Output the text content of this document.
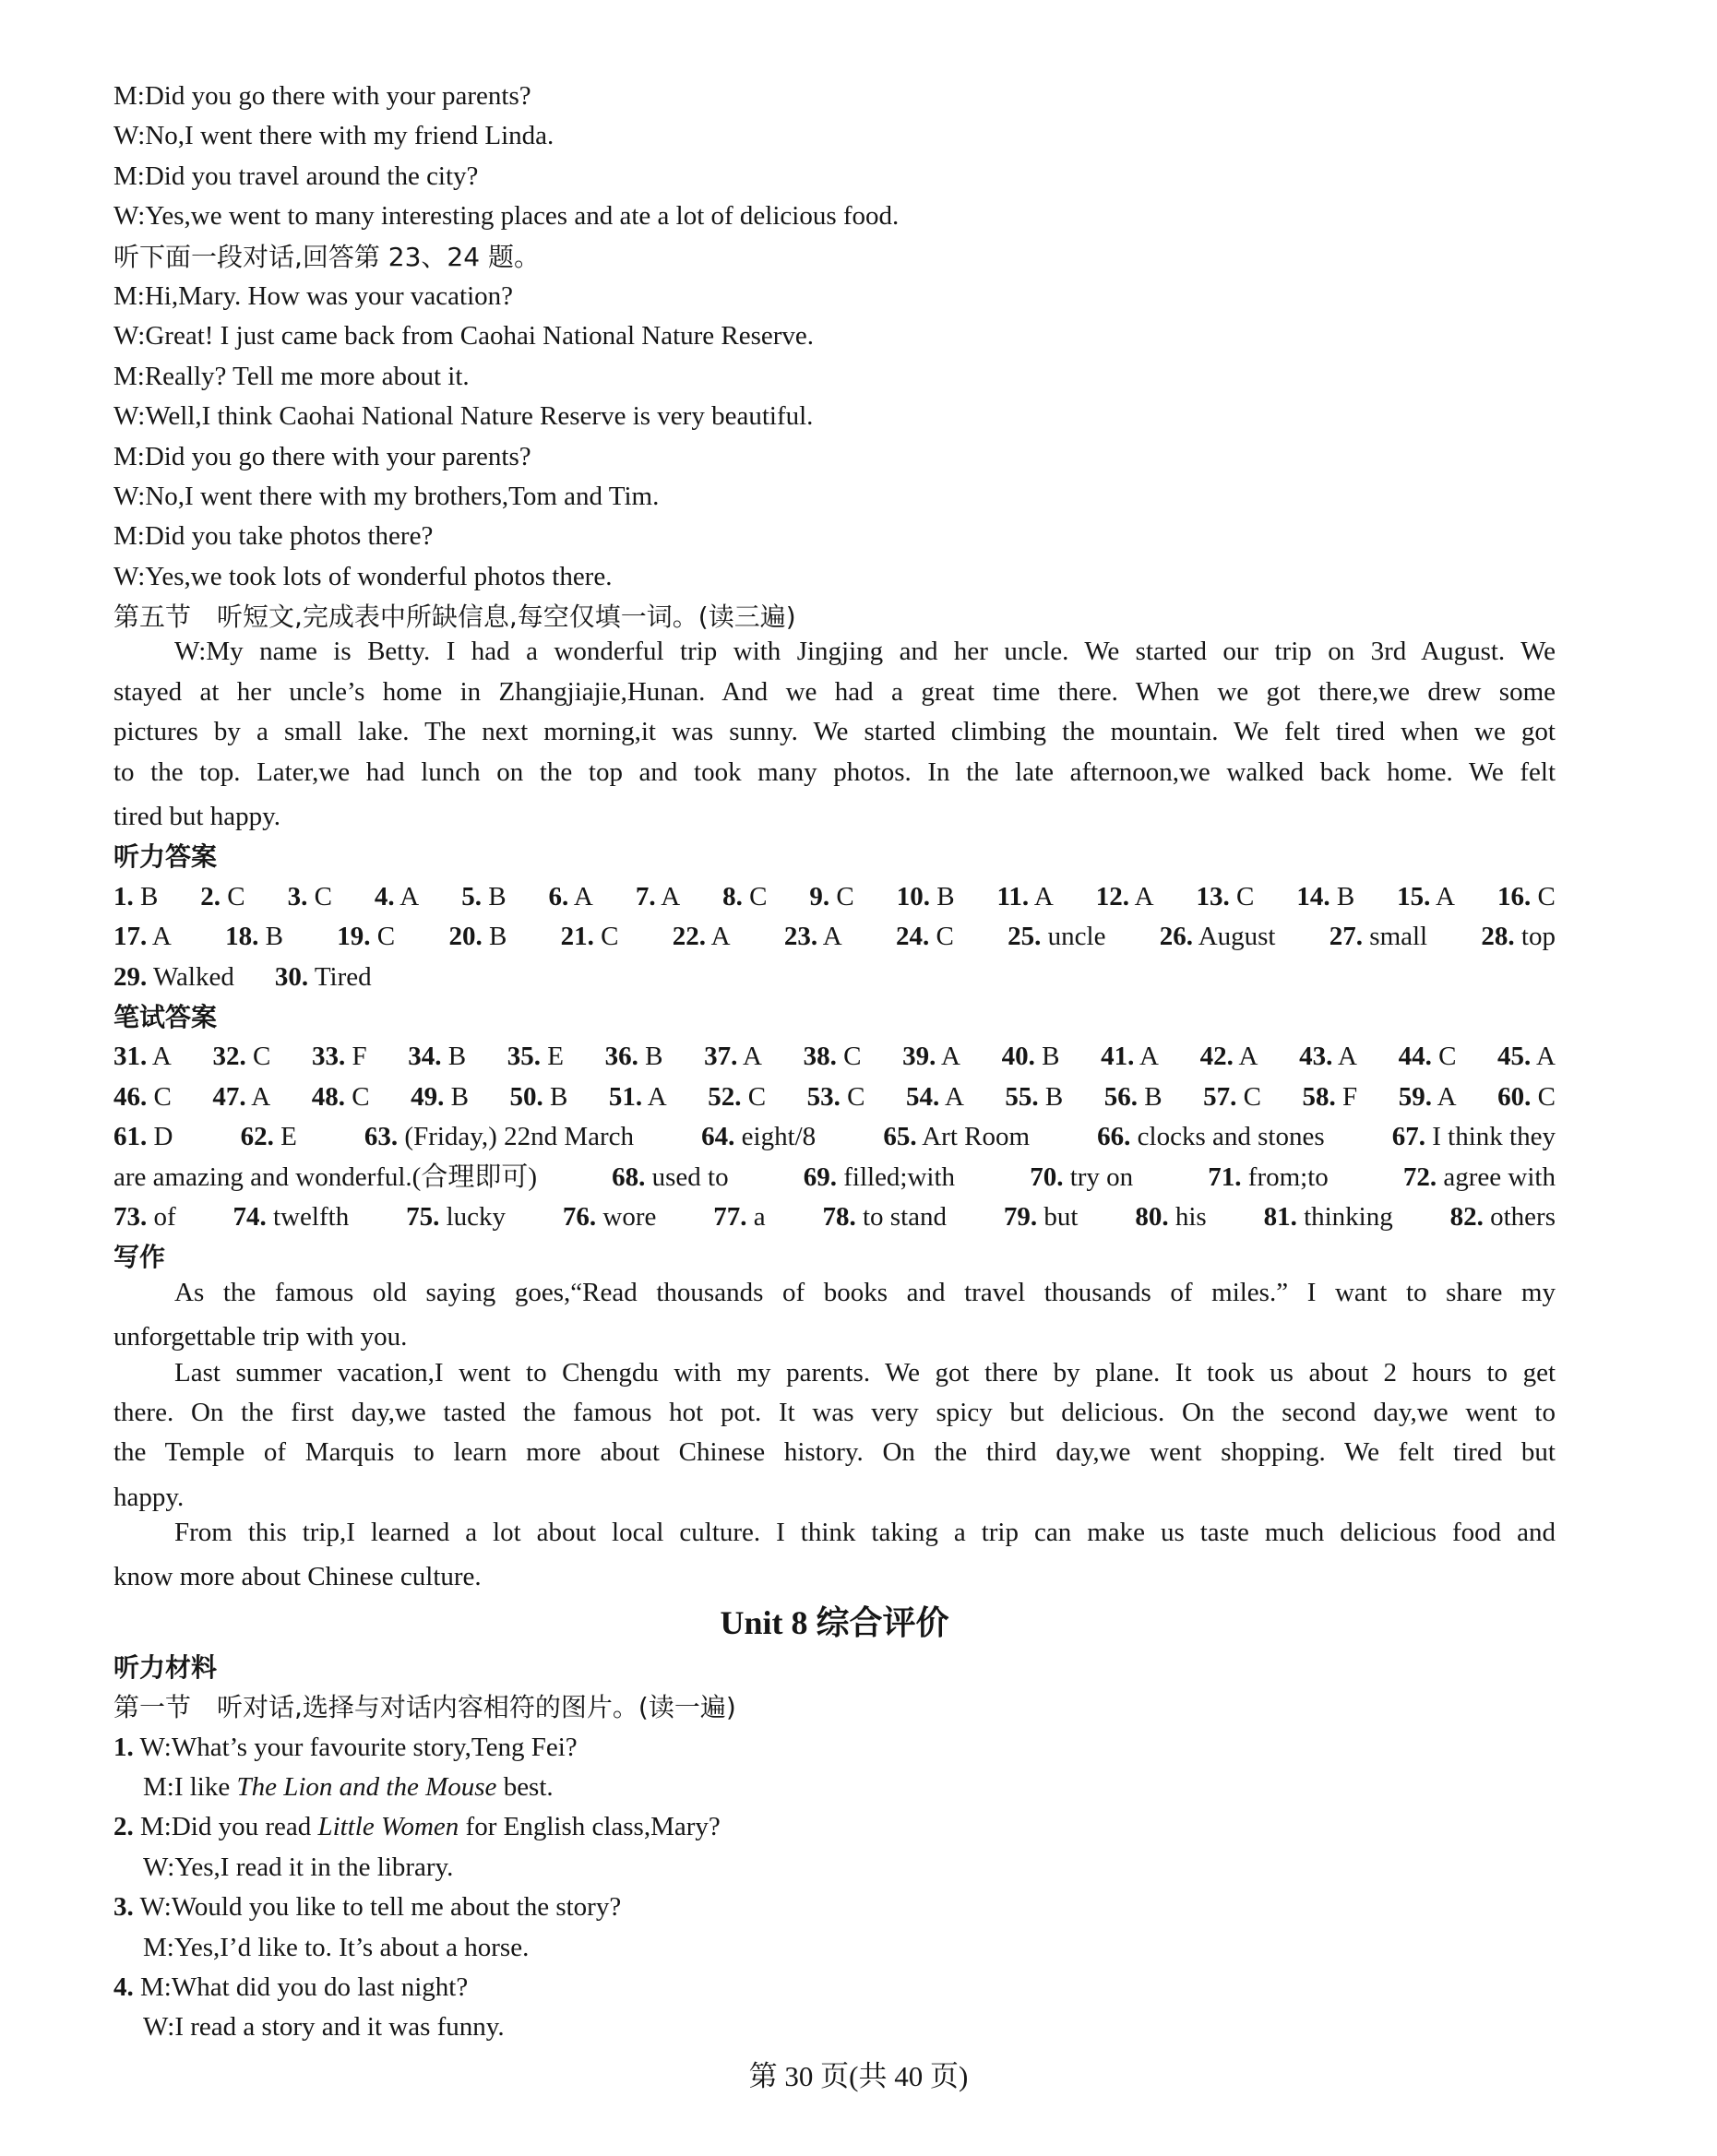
M:Did you go there with your parents?
W:No,I went there with my friend Linda.
M:Did you travel around the city?
W:Yes,we went to many interesting places and ate a lot of delicious food.
听下面一段对话,回答第 23、24 题。
M:Hi,Mary. How was your vacation?
W:Great! I just came back from Caohai National Nature Reserve.
M:Really? Tell me more about it.
W:Well,I think Caohai National Nature Reserve is very beautiful.
M:Did you go there with your parents?
W:No,I went there with my brothers,Tom and Tim.
M:Did you take photos there?
W:Yes,we took lots of wonderful photos there.
第五节　听短文,完成表中所缺信息,每空仅填一词。(读三遍)
W:My name is Betty. I had a wonderful trip with Jingjing and her uncle. We started our trip on 3rd August. We
stayed at her uncle’s home in Zhangjiajie,Hunan. And we had a great time there. When we got there,we drew some
pictures by a small lake. The next morning,it was sunny. We started climbing the mountain. We felt tired when we got
to the top. Later,we had lunch on the top and took many photos. In the late afternoon,we walked back home. We felt
tired but happy.
听力答案
1. B 2. C 3. C 4. A 5. B 6. A 7. A 8. C 9. C 10. B 11. A 12. A 13. C 14. B 15. A 16. C
17. A 18. B 19. C 20. B 21. C 22. A 23. A 24. C 25. uncle 26. August 27. small 28. top
29. Walked 30. Tired
笔试答案
31. A 32. C 33. F 34. B 35. E 36. B 37. A 38. C 39. A 40. B 41. A 42. A 43. A 44. C 45. A
46. C 47. A 48. C 49. B 50. B 51. A 52. C 53. C 54. A 55. B 56. B 57. C 58. F 59. A 60. C
61. D	62. E	63. (Friday,) 22nd March	64. eight/8	65. Art Room	66. clocks and stones	67. I think they
are amazing and wonderful.(合理即可)	68. used to	69. filled;with	70. try on	71. from;to	72. agree with
73. of 74. twelfth 75. lucky 76. wore 77. a 78. to stand 79. but 80. his 81. thinking 82. others
写作
As the famous old saying goes,“Read thousands of books and travel thousands of miles.” I want to share my
unforgettable trip with you.
Last summer vacation,I went to Chengdu with my parents. We got there by plane. It took us about 2 hours to get
there. On the first day,we tasted the famous hot pot. It was very spicy but delicious. On the second day,we went to
the Temple of Marquis to learn more about Chinese history. On the third day,we went shopping. We felt tired but
happy.
From this trip,I learned a lot about local culture. I think taking a trip can make us taste much delicious food and
know more about Chinese culture.
Unit 8 综合评价
听力材料
第一节　听对话,选择与对话内容相符的图片。(读一遍)
1. W:What’s your favourite story,Teng Fei?
M:I like The Lion and the Mouse best.
2. M:Did you read Little Women for English class,Mary?
W:Yes,I read it in the library.
3. W:Would you like to tell me about the story?
M:Yes,I’d like to. It’s about a horse.
4. M:What did you do last night?
W:I read a story and it was funny.
第 30 页(共 40 页)
